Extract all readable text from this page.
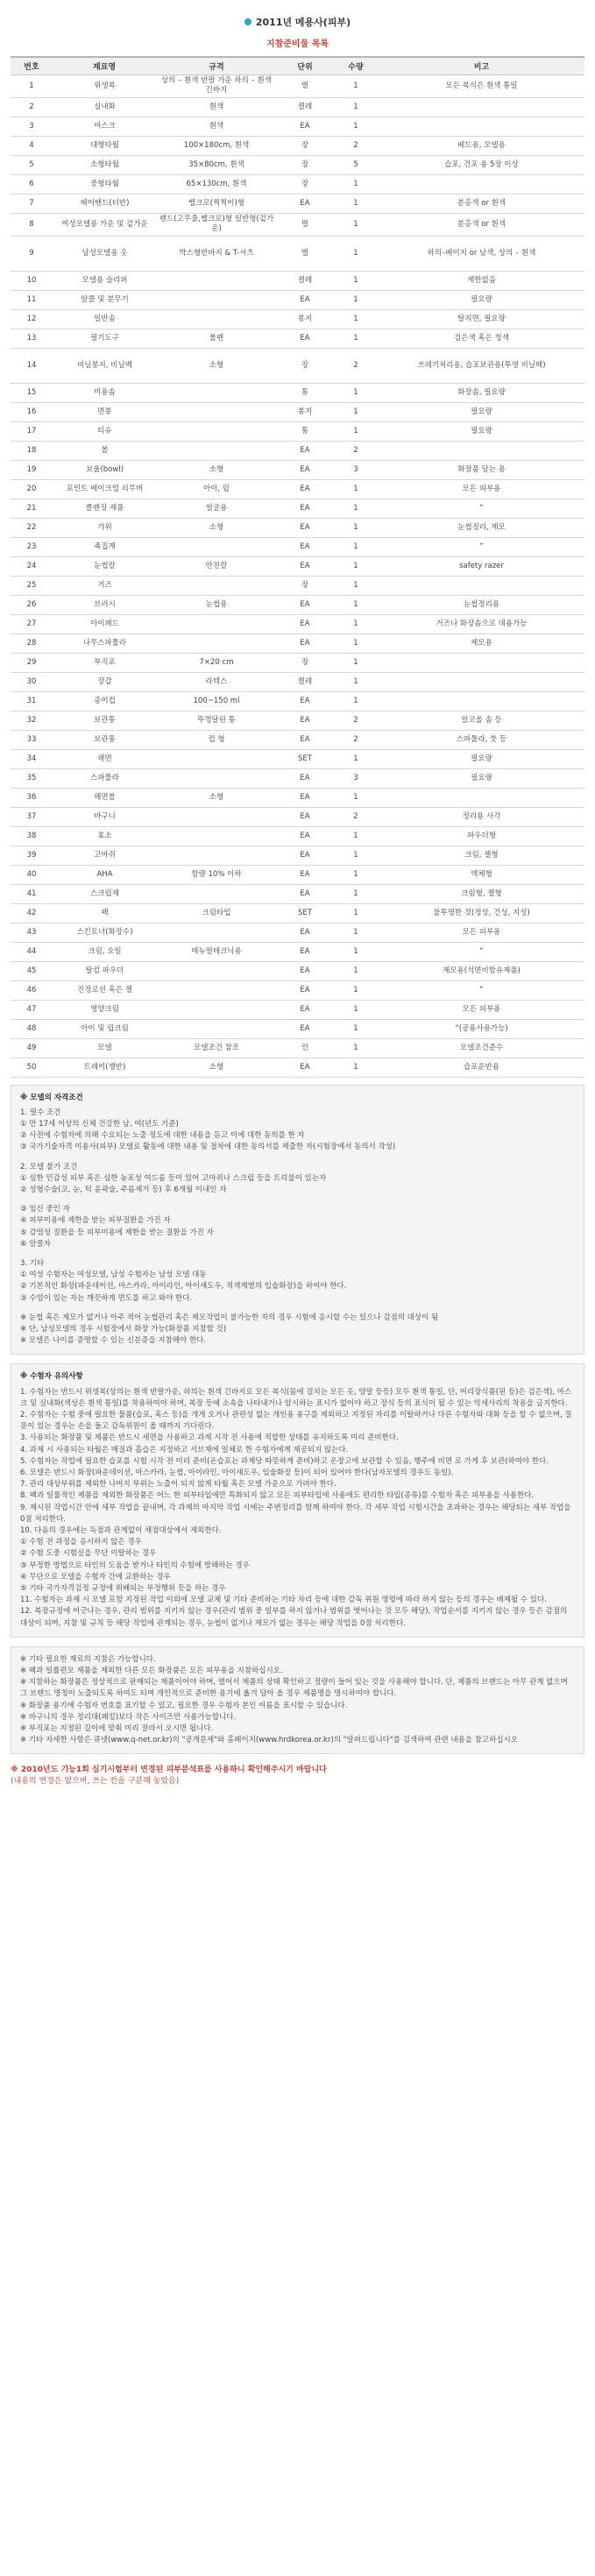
2011년 메용사(피부)
지참준비물 목록
번호	재료명	규격	단위	수량	비고
1	위생복	상의 – 흰색 반팔 가운 하의 – 흰색 긴바지	벌	1	모든 복식은 흰색 통일
2	실내화	흰색	켤레	1	
3	마스크	흰색	EA	1	
4	대형타월	100×180cm, 흰색	장	2	베드용, 모델용
5	소형타월	35×80cm, 흰색	장	5	습포, 건포 용 5장 이상
6	중형타월	65×130cm, 흰색	장	1	
7	헤어밴드(터반)	벨크로(찍찍이)형	EA	1	분홍색 or 흰색
8	여성모델용 가운 및 겉가운	랜드(고무줄,벨크로)형 일반형(겉가운)	벌	1	분홍색 or 흰색
9	남성모델용 옷	박스형반바지 & T-셔츠	벌	1	하의–베이지 or 남색, 상의 – 흰색
10	모델용 슬리퍼		켤레	1	제한없음
11	알콜 및 분무기		EA	1	필요량
12	일반솜		봉지	1	탈지면, 필요량
13	필기도구	볼펜	EA	1	검은색 혹은 청색
14	비닐봉지, 비닐백	소형	장	2	쓰레기처리용, 습포보관용(투명 비닐백)
15	미용솜		통	1	화장솜, 필요량
16	면봉		봉지	1	필요량
17	티슈		통	1	필요량
18	볼		EA	2	
19	보울(bowl)	소형	EA	3	화장품 담는 용
20	포인트 메이크업 리무버	아이, 립	EA	1	모든 피부용
21	클렌징 제품	얼굴용	EA	1	“
22	가위	소형	EA	1	눈썹정리, 제모
23	족집게		EA	1	“
24	눈썹칼	안전칼	EA	1	safety razer
25	거즈		장	1	
26	브러시	눈썹용	EA	1	눈썹정리용
27	아이패드		EA	1	거즈나 화장솜으로 대용가능
28	나무스파툴라		EA	1	제모용
29	부직포	7×20 cm	장	1	
30	장갑	라텍스	켤레	1	
31	종이컵	100~150 ml	EA	1	
32	보관통	뚜껑달린 통	EA	2	알코올 솜 등
33	보관통	컵 형	EA	2	스파툴라, 붓 등
34	해면		SET	1	필요량
35	스파툴라		EA	3	필요량
36	해면볼	소형	EA	1	
37	바구니		EA	2	정리용 사각
38	효소		EA	1	파우더형
39	고마쥐		EA	1	크림, 젤형
40	AHA	함량 10% 이하	EA	1	액체형
41	스크럽제		EA	1	크림형, 젤형
42	팩	크림타입	SET	1	불투명한 것(정상, 건성, 지성)
43	스킨토너(화장수)		EA	1	모든 피부용
44	크림, 오일	매뉴얼테크닉용	EA	1	“
45	탈컴 파우더		EA	1	제모용(석면비함유제품)
46	진정로션 혹은 젤		EA	1	“
47	영양크림		EA	1	모든 피부용
48	아이 및 립크림		EA	1	“(공용사용가능)
49	모델	모델조건 참조	인	1	모델조건준수
50	트레이(쟁반)	소형	EA	1	습포운반용
※ 모델의 자격조건
1. 필수 조건
① 만 17세 이상의 신체 건강한 남, 여(년도 기준)
② 사전에 수험자에 의해 수요되는 노출 정도에 대한 내용을 듣고 이에 대한 동의를 한 자
③ 국가기술자격 미용사(피부) 모델로 활동에 대한 내용 및 절차에 대한 동의서를 제출한 자(시험장에서 동의서 작성)
2. 모델 불가 조건
① 심한 민감성 피부 혹은 심한 농포성 여드름 등이 있어 고마쥐나 스크럽 등을 트리불이 있는자
② 성형수술(코, 눈, 턱 윤곽술, 주름제거 등) 후 6개월 이내인 자
③ 임신 중인 자
④ 피부미용에 제한을 받는 피부질환을 가진 자
⑤ 감염성 질환을 등 피부미용에 제한을 받는 질환을 가진 자
⑥ 알콜자
3. 기타
① 여성 수험자는 여성모델, 남성 수험자는 남성 모델 대동
② 기본적인 화장(파운데이션, 마스카라, 아이라인, 아이섀도우, 적색계열의 입술화장)을 하여야 한다.
③ 수염이 있는 자는 깨끗하게 면도를 하고 와야 한다.
※ 눈썹 혹은 제모가 없거나 아주 적어 눈썹관리 혹은 제모작업이 불가능한 자의 경우 시험에 응시할 수는 있으나 감점의 대상이 됨
※ 단, 남성모델의 경우 시험장에서 화장 가능(화장품 지참할 것)
※ 모델은 나이를 증명할 수 있는 신분증을 지참해야 한다.
※ 수험자 유의사항
1. 수험자는 반드시 위생복(상의는 흰색 반팔가운, 하의는 흰색 긴바지로 모든 복식(몸에 걸치는 모든 옷, 양말 등등) 모두 흰색 통일, 단, 머리장식품(핀 등)은 검은색), 마스크 및 실내화(색상은 흰색 통일)를 착용하여야 하며, 복장 등에 소속을 나타내거나 암시하는 표시가 없어야 하고 장식 등의 표식이 될 수 있는 악세사리의 착용을 금지한다.
2. 수험자는 수험 중에 필요한 물품(습포, 혹스 등)을 개개 오거나 관련성 없는 개인용 용구를 제외하고 지정된 자리를 이탈하거나 다른 수험자와 대화 등을 할 수 없으며, 질문이 있는 경우는 손을 들고 감독위원이 올 때까지 기다린다.
3. 사용되는 화장품 및 제품은 반드시 세면을 사용하고 과제 시작 전 사용에 적합한 상태를 유지하도록 미리 준비한다.
4. 과제 시 사용되는 타월은 매질과 흡습은 지정하고 서브재에 일체로 한 수험자에게 제공되지 않는다.
5. 수험자는 작업에 필요한 습포를 시험 시작 전 미리 준비(온습포는 과제당 따뜻하게 준비)하고 온장고에 보관할 수 있음, 행주에 비면 로 가게 후 보관(하여야 한다.
6. 모델은 반드시 화장(파운데이션, 마스카라, 눈썹, 아이라인, 아이섀도우, 입술화장 등)이 되어 있어야 한다(남자모델의 경우도 동일).
7. 관리 대상부위를 제외한 나머지 부위는 노출이 되지 않게 타월 혹은 모델 가운으로 가려야 한다.
8. 팩과 일률적인 제품을 제외한 화장품은 어느 한 피부타입에만 특화되지 않고 모든 피부타입에 사용에도 편리한 타입(종류)를 수험자 혹은 피부용을 사용한다.
9. 제시된 작업시간 안에 세부 작업을 끝내며, 각 과제의 마지막 작업 시에는 주변정리를 함께 하여야 한다. 각 세부 작업 시험시간을 초과하는 경우는 해당되는 세부 작업을 0점 처리한다.
10. 다음의 경우에는 득점과 관계없이 채점대상에서 제외한다.
① 수험 전 과정을 응시하지 않은 경우
② 수험 도중 시험실을 무단 이탈하는 경우
③ 부정한 방법으로 타인의 도움을 받거나 타인의 수험에 방해하는 경우
④ 무단으로 모델을 수험자 간에 교환하는 경우
⑤ 기타 국가자격검정 규정에 위배되는 부정행위 등을 하는 경우
11. 수험자는 과제 시 모델 포함 지정된 작업 이외에 모델 교체 및 기타 준비하는 기타 차리 등에 대한 감독 위원 명령에 따라 하지 않는 등의 경우는 배제될 수 있다.
12. 복장규정에 어긋나는 경우, 관리 범위를 지키지 않는 경우(관리 범위 중 일부를 하지 않거나 범위를 벗어나는 것 모두 해당), 작업순서를 지키지 않는 경우 등은 감점의 대상이 되며, 지참 및 규칙 등 해당 작업에 관계되는 경우, 눈썹이 없거나 제모가 없는 경우는 해당 작업을 0점 처리한다.
※ 기타 필요한 재료의 지참은 가능합니다.
※ 팩과 일률편모 제품을 제외한 다른 모든 화장품은 모든 피부용을 지참하십시오.
※ 지참하는 화장품은 정상적으로 판매되는 제품이어야 하며, 열어서 제품의 상태 확인하고 정량이 들어 있는 것을 사용해야 합니다. 단, 제품의 브랜드는 아무 관계 없으며 그 브랜드 명칭이 노출되도록 하여도 되며 개인적으로 준비한 용기에 옮겨 담아 올 경우 제품명을 명시하여야 합니다.
※ 화장품 용기에 수험자 번호를 표기할 수 있고, 필요한 경우 수험자 본인 이름을 표시할 수 있습니다.
※ 바구니의 경우 정리대(패킹)보다 작은 사이즈만 사용가능합니다.
※ 부직포는 지정된 길이에 맞춰 미리 잘라서 오시면 됩니다.
※ 기타 자세한 사항은 큐넷(www.q-net.or.kr)의 "공개문제"와 홈페이지(www.hrdkorea.or.kr)의 "알려드립니다"를 검색하여 관련 내용을 참고하십시오
※ 2010년도 기능1회 실기시험부터 변경된 피부분석표를 사용하니 확인해주시기 바랍니다
(내용의 변경은 없으며, 쓰는 칸을 구분해 놓았음)
